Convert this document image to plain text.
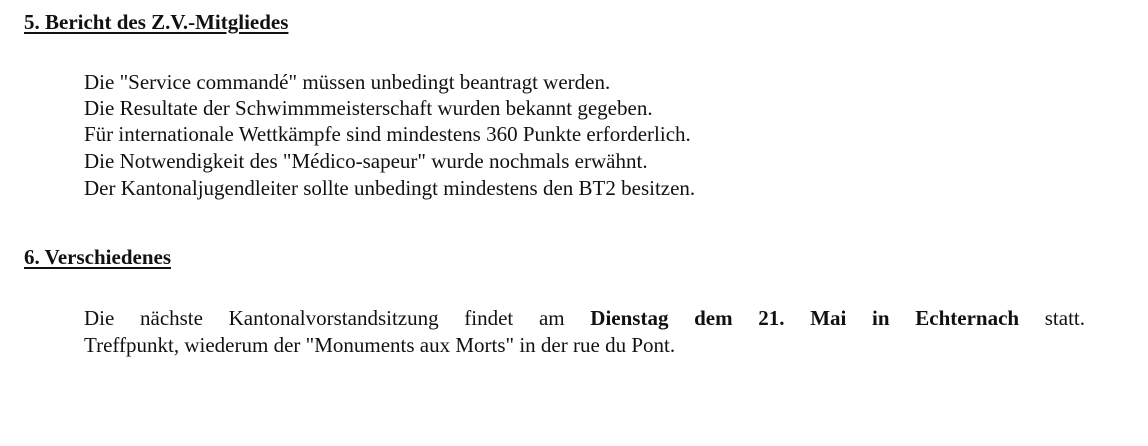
5. Bericht des Z.V.-Mitgliedes

Die "Service commandé" müssen unbedingt beantragt werden.

Die Resultate der Schwimmmeisterschaft wurden bekannt gegeben.

Für internationale Wettkämpfe sind mindestens 360 Punkte erforderlich.

Die Notwendigkeit des "Médico-sapeur" wurde nochmals erwähnt.

Der Kantonaljugendleiter sollte unbedingt mindestens den BT2 besitzen.

6. Verschiedenes

Die nächste Kantonalvorstandsitzung findet am Dienstag dem 21. Mai in Echternach statt.

Treffpunkt, wiederum der "Monuments aux Morts" in der rue du Pont.
